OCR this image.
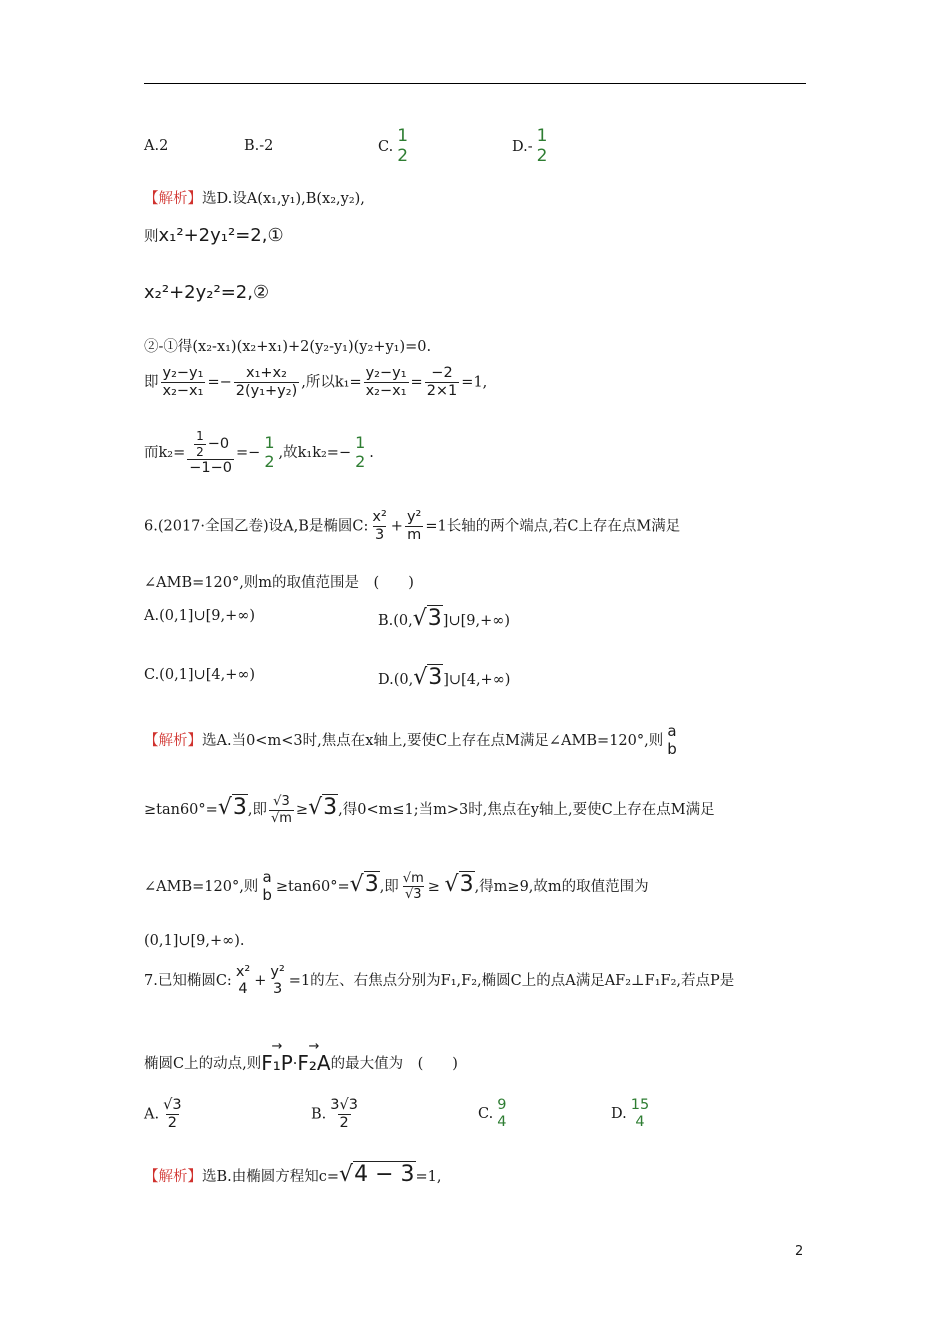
A.2	B.-2	C.
1
2	D.-
1
2
【解析】选D.设A(x₁,y₁),B(x₂,y₂),
则x₁²+2y₁²=2,①
x₂²+2y₂²=2,②
②-①得(x₂-x₁)(x₂+x₁)+2(y₂-y₁)(y₂+y₁)=0.
即 $\frac{\text{y₂−y₁}}{\text{x₂−x₁}} =- \frac{\text{x₁+x₂}}{\text{2(y₁+y₂)}}$ ,所以$k_1= \frac{\text{y₂−y₁}}{\text{x₂−x₁}} = \frac{-2}{2\times 1} =1$,
而$k_2= \frac{\frac{1}{2} -0}{-1-0}$ =−
1
2 ,故k₁k₂=−
1
2 .
6.(2017·全国乙卷)设A,B是椭圆C: $\frac{\text{x²}}{3} + \frac{\text{y²}}{m} =1$长轴的两个端点,若C上存在点M满足
∠AMB=120°,则m的取值范围是　(　　)
A.(0,1]∪[9,+∞)	B.(0,√3]∪[9,+∞)
C.(0,1]∪[4,+∞)	D.(0,√3]∪[4,+∞)
【解析】选A.当0<m<3时,焦点在x轴上,要使C上存在点M满足∠AMB=120°,则
a
b
≥tan60°=√3,即 $\frac{√3}{√m} \ge√3$,得0<m≤1;当m>3时,焦点在y轴上,要使C上存在点M满足
∠AMB=120°,则
a
b ≥tan60°=√3,即 $\frac{√m}{√3} \ge √3$,得m≥9,故m的取值范围为
(0,1]∪[9,+∞).
7.已知椭圆C:
x²
4 +
y²
3 =1的左、右焦点分别为F₁,F₂,椭圆C上的点A满足AF₂⊥F₁F₂,若点P是
椭圆C上的动点,则
→
F₁P ·
→
F₂A 的最大值为　(　　)
A. $\frac{√3}{2}$	B. $\frac{3√3}{2}$	C.
9
4	D.
15
4
【解析】选B.由椭圆方程知c=√4 − 3=1,
2
